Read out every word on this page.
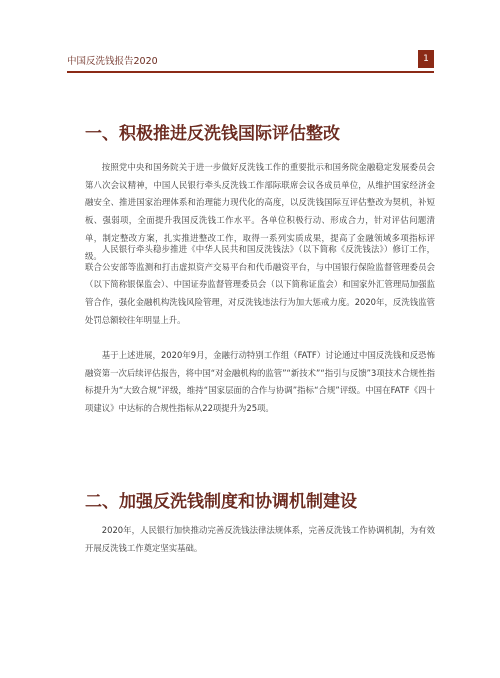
中国反洗钱报告2020	1
一、积极推进反洗钱国际评估整改

按照党中央和国务院关于进一步做好反洗钱工作的重要批示和国务院金融稳定发展委员会第八次会议精神，中国人民银行牵头反洗钱工作部际联席会议各成员单位，从维护国家经济金融安全、推进国家治理体系和治理能力现代化的高度，以反洗钱国际互评估整改为契机，补短板、强弱项，全面提升我国反洗钱工作水平。各单位积极行动、形成合力，针对评估问题清单，制定整改方案，扎实推进整改工作，取得一系列实质成果，提高了金融领域多项指标评级。

人民银行牵头稳步推进《中华人民共和国反洗钱法》（以下简称《反洗钱法》）修订工作，联合公安部等监测和打击虚拟资产交易平台和代币融资平台，与中国银行保险监督管理委员会（以下简称银保监会）、中国证券监督管理委员会（以下简称证监会）和国家外汇管理局加强监管合作，强化金融机构洗钱风险管理，对反洗钱违法行为加大惩戒力度。2020年，反洗钱监管处罚总额较往年明显上升。

基于上述进展，2020年9月，金融行动特别工作组（FATF）讨论通过中国反洗钱和反恐怖融资第一次后续评估报告，将中国“对金融机构的监管”“新技术”“指引与反馈”3项技术合规性指标提升为“大致合规”评级，维持“国家层面的合作与协调”指标“合规”评级。中国在FATF《四十项建议》中达标的合规性指标从22项提升为25项。

二、加强反洗钱制度和协调机制建设

2020年，人民银行加快推动完善反洗钱法律法规体系，完善反洗钱工作协调机制，为有效开展反洗钱工作奠定坚实基础。
